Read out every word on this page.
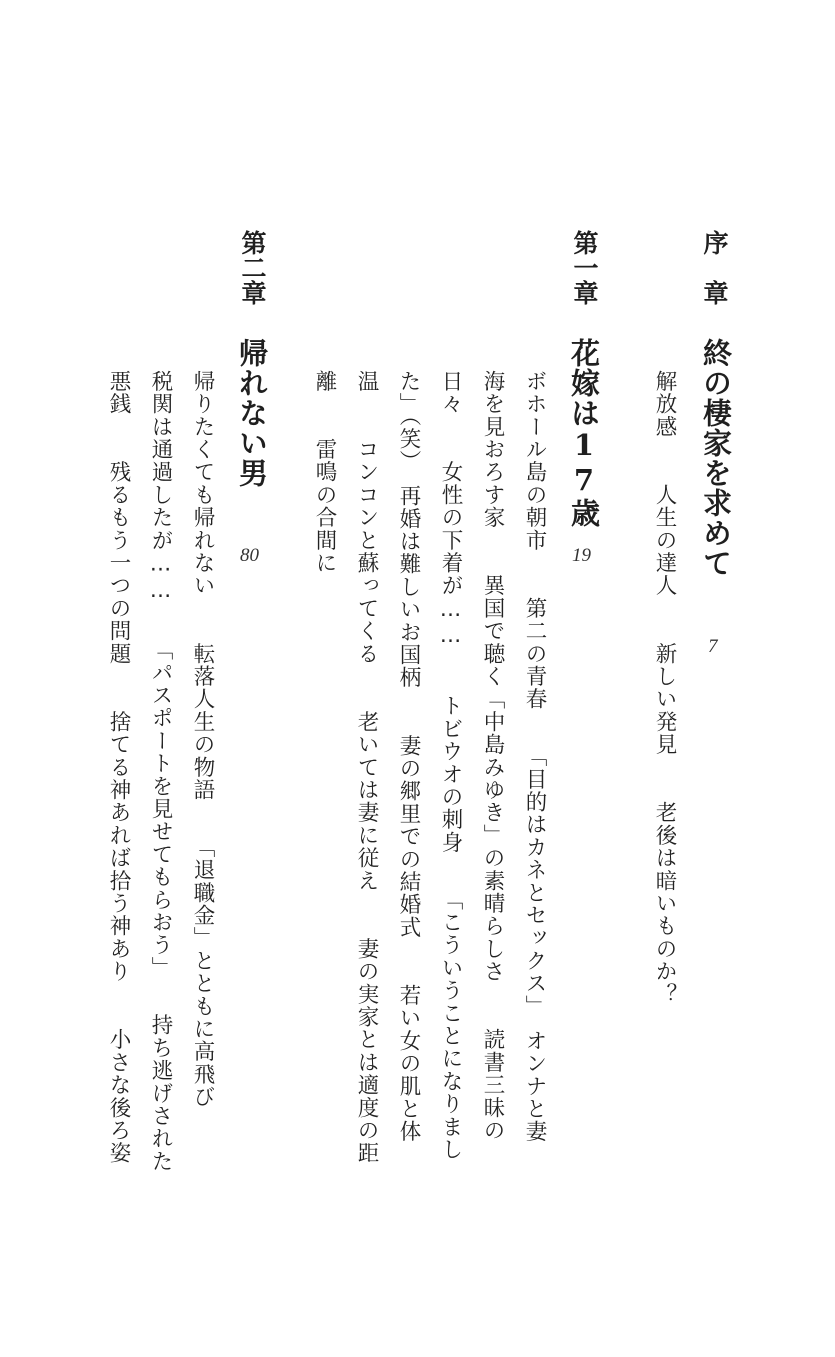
序　章
終の棲家を求めて
7
解放感　　人生の達人　　新しい発見　　老後は暗いものか？
第一章
花嫁は17歳
19
ボホール島の朝市　　第二の青春　　「目的はカネとセックス」　オンナと妻
海を見おろす家　　異国で聴く「中島みゆき」の素晴らしさ　　読書三昧の
日々　　女性の下着が……　　トビウオの刺身　　「こういうことになりまし
た」（笑）　再婚は難しいお国柄　　妻の郷里での結婚式　　若い女の肌と体
温　　コンコンと蘇ってくる　　老いては妻に従え　　妻の実家とは適度の距
離　　雷鳴の合間に
第二章
帰れない男
80
帰りたくても帰れない　　転落人生の物語　　「退職金」とともに高飛び
税関は通過したが……　　「パスポートを見せてもらおう」　　持ち逃げされた
悪銭　　残るもう一つの問題　　捨てる神あれば拾う神あり　　小さな後ろ姿
